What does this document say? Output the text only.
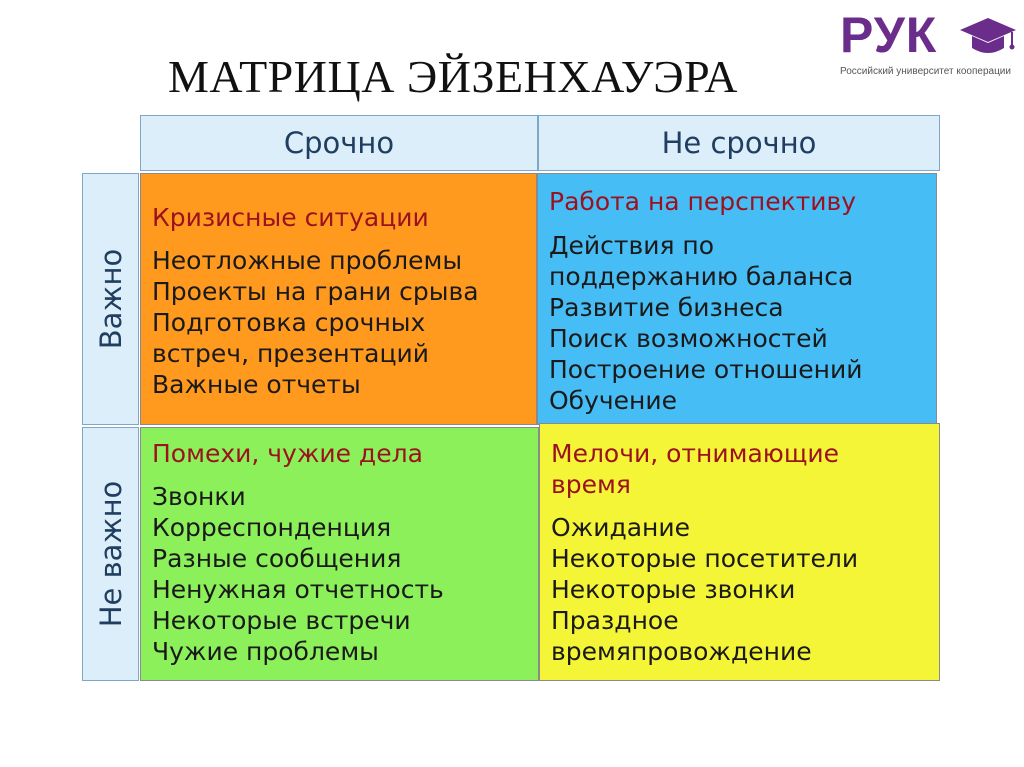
МАТРИЦА ЭЙЗЕНХАУЭРА
РУК
Российский университет кооперации
Срочно	Не срочно
Важно
Не важно
Кризисные ситуации
Неотложные проблемы
Проекты на грани срыва
Подготовка срочных
встреч, презентаций
Важные отчеты
Работа на перспективу
Действия по
поддержанию баланса
Развитие бизнеса
Поиск возможностей
Построение отношений
Обучение
Помехи, чужие дела
Звонки
Корреспонденция
Разные сообщения
Ненужная отчетность
Некоторые встречи
Чужие проблемы
Мелочи, отнимающие
время
Ожидание
Некоторые посетители
Некоторые звонки
Праздное
времяпровождение
